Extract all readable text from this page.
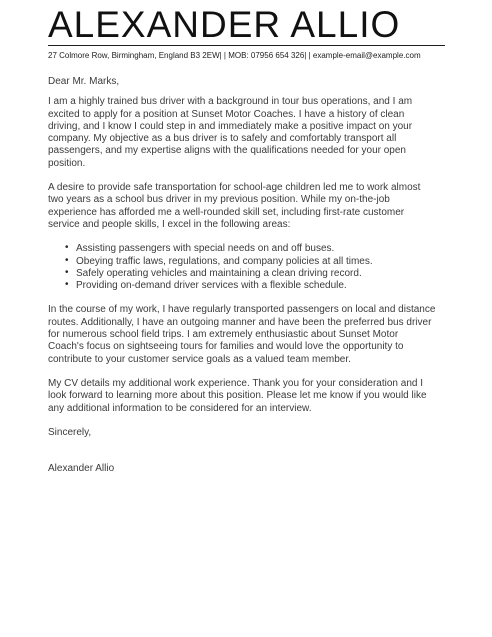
ALEXANDER ALLIO
27 Colmore Row, Birmingham, England B3 2EW| | MOB: 07956 654 326| | example-email@example.com

Dear Mr. Marks,

I am a highly trained bus driver with a background in tour bus operations, and I am excited to apply for a position at Sunset Motor Coaches. I have a history of clean driving, and I know I could step in and immediately make a positive impact on your company. My objective as a bus driver is to safely and comfortably transport all passengers, and my expertise aligns with the qualifications needed for your open position.

A desire to provide safe transportation for school-age children led me to work almost two years as a school bus driver in my previous position. While my on-the-job experience has afforded me a well-rounded skill set, including first-rate customer service and people skills, I excel in the following areas:

• Assisting passengers with special needs on and off buses.
• Obeying traffic laws, regulations, and company policies at all times.
• Safely operating vehicles and maintaining a clean driving record.
• Providing on-demand driver services with a flexible schedule.

In the course of my work, I have regularly transported passengers on local and distance routes. Additionally, I have an outgoing manner and have been the preferred bus driver for numerous school field trips. I am extremely enthusiastic about Sunset Motor Coach's focus on sightseeing tours for families and would love the opportunity to contribute to your customer service goals as a valued team member.

My CV details my additional work experience. Thank you for your consideration and I look forward to learning more about this position. Please let me know if you would like any additional information to be considered for an interview.

Sincerely,

Alexander Allio
